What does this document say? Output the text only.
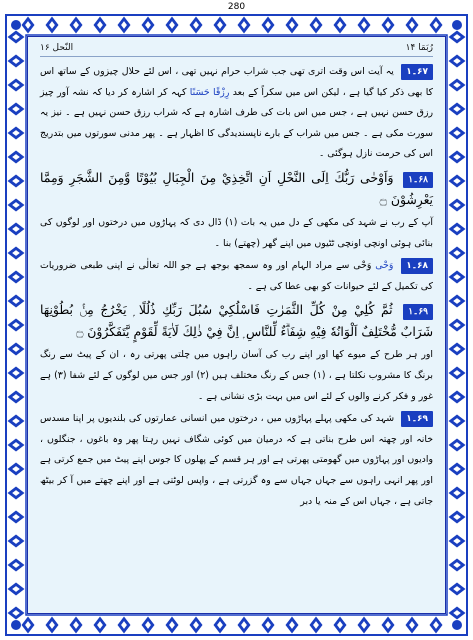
280
رُبَمَا ۱۴
النّحل ۱۶

۶۷۔۱ یہ آیت اس وقت اتری تھی جب شراب حرام نہیں تھی ، اس لئے حلال چیزوں کے ساتھ اس کا بھی ذکر کیا گیا ہے ، لیکن اس میں سکراً کے بعد رِزْقًا حَسَنًا کہہ کر اشارہ کر دیا کہ نشہ آور چیز رزق حسن نہیں ہے ، جس میں اس بات کی طرف اشارہ ہے کہ شراب رزق حسن نہیں ہے ۔ نیز یہ سورت مکی ہے ۔ جس میں شراب کے بارے ناپسندیدگی کا اظہار ہے ۔ پھر مدنی سورتوں میں بتدریج اس کی حرمت نازل ہوگئی ۔

۶۸۔۱ وَاَوْحٰى رَبُّكَ اِلَى النَّحْلِ اَنِ اتَّخِذِيْ مِنَ الْجِبَالِ بُيُوْتًا وَّمِنَ الشَّجَرِ وَمِمَّا يَعْرِشُوْنَ ۝

آپ کے رب نے شہد کی مکھی کے دل میں یہ بات (۱) ڈال دی کہ پہاڑوں میں درختوں اور لوگوں کی بنائی ہوئی اونچی اونچی ٹٹیوں میں اپنے گھر (چھتے) بنا ۔

۶۸۔۱ وَحْی وَحْی سے مراد الہام اور وہ سمجھ بوجھ ہے جو اللہ تعالٰی نے اپنی طبعی ضروریات کی تکمیل کے لئے حیوانات کو بھی عطا کی ہے ۔

۶۹۔۱ ثُمَّ كُلِيْ مِنْ كُلِّ الثَّمَرٰتِ فَاسْلُكِيْ سُبُلَ رَبِّكِ ذُلُلًا ۭ يَخْرُجُ مِنْۢ بُطُوْنِهَا شَرَابٌ مُّخْتَلِفٌ اَلْوَانُهٗ فِيْهِ شِفَاۗءٌ لِّلنَّاسِ ۭ اِنَّ فِيْ ذٰلِكَ لَاٰيَةً لِّقَوْمٍ يَّتَفَكَّرُوْنَ ۝

اور ہر طرح کے میوے کھا اور اپنے رب کی آسان راہوں میں چلتی پھرتی رہ ، ان کے پیٹ سے رنگ برنگ کا مشروب نکلتا ہے ، (۱) جس کے رنگ مختلف ہیں (۲) اور جس میں لوگوں کے لئے شفا (۳) ہے غور و فکر کرنے والوں کے لئے اس میں بہت بڑی نشانی ہے ۔

۶۹۔۱ شہد کی مکھی پہلے پہاڑوں میں ، درختوں میں انسانی عمارتوں کی بلندیوں پر اپنا مسدس خانہ اور چھتہ اس طرح بناتی ہے کہ درمیان میں کوئی شگاف نہیں رہتا پھر وہ باغوں ، جنگلوں ، وادیوں اور پہاڑوں میں گھومتی پھرتی ہے اور ہر قسم کے پھلوں کا جوس اپنے پیٹ میں جمع کرتی ہے اور پھر انہی راہوں سے جہاں جہاں سے وہ گزرتی ہے ، واپس لوٹتی ہے اور اپنے چھتے میں آ کر بیٹھ جاتی ہے ، جہاں اس کے منہ یا دبر
